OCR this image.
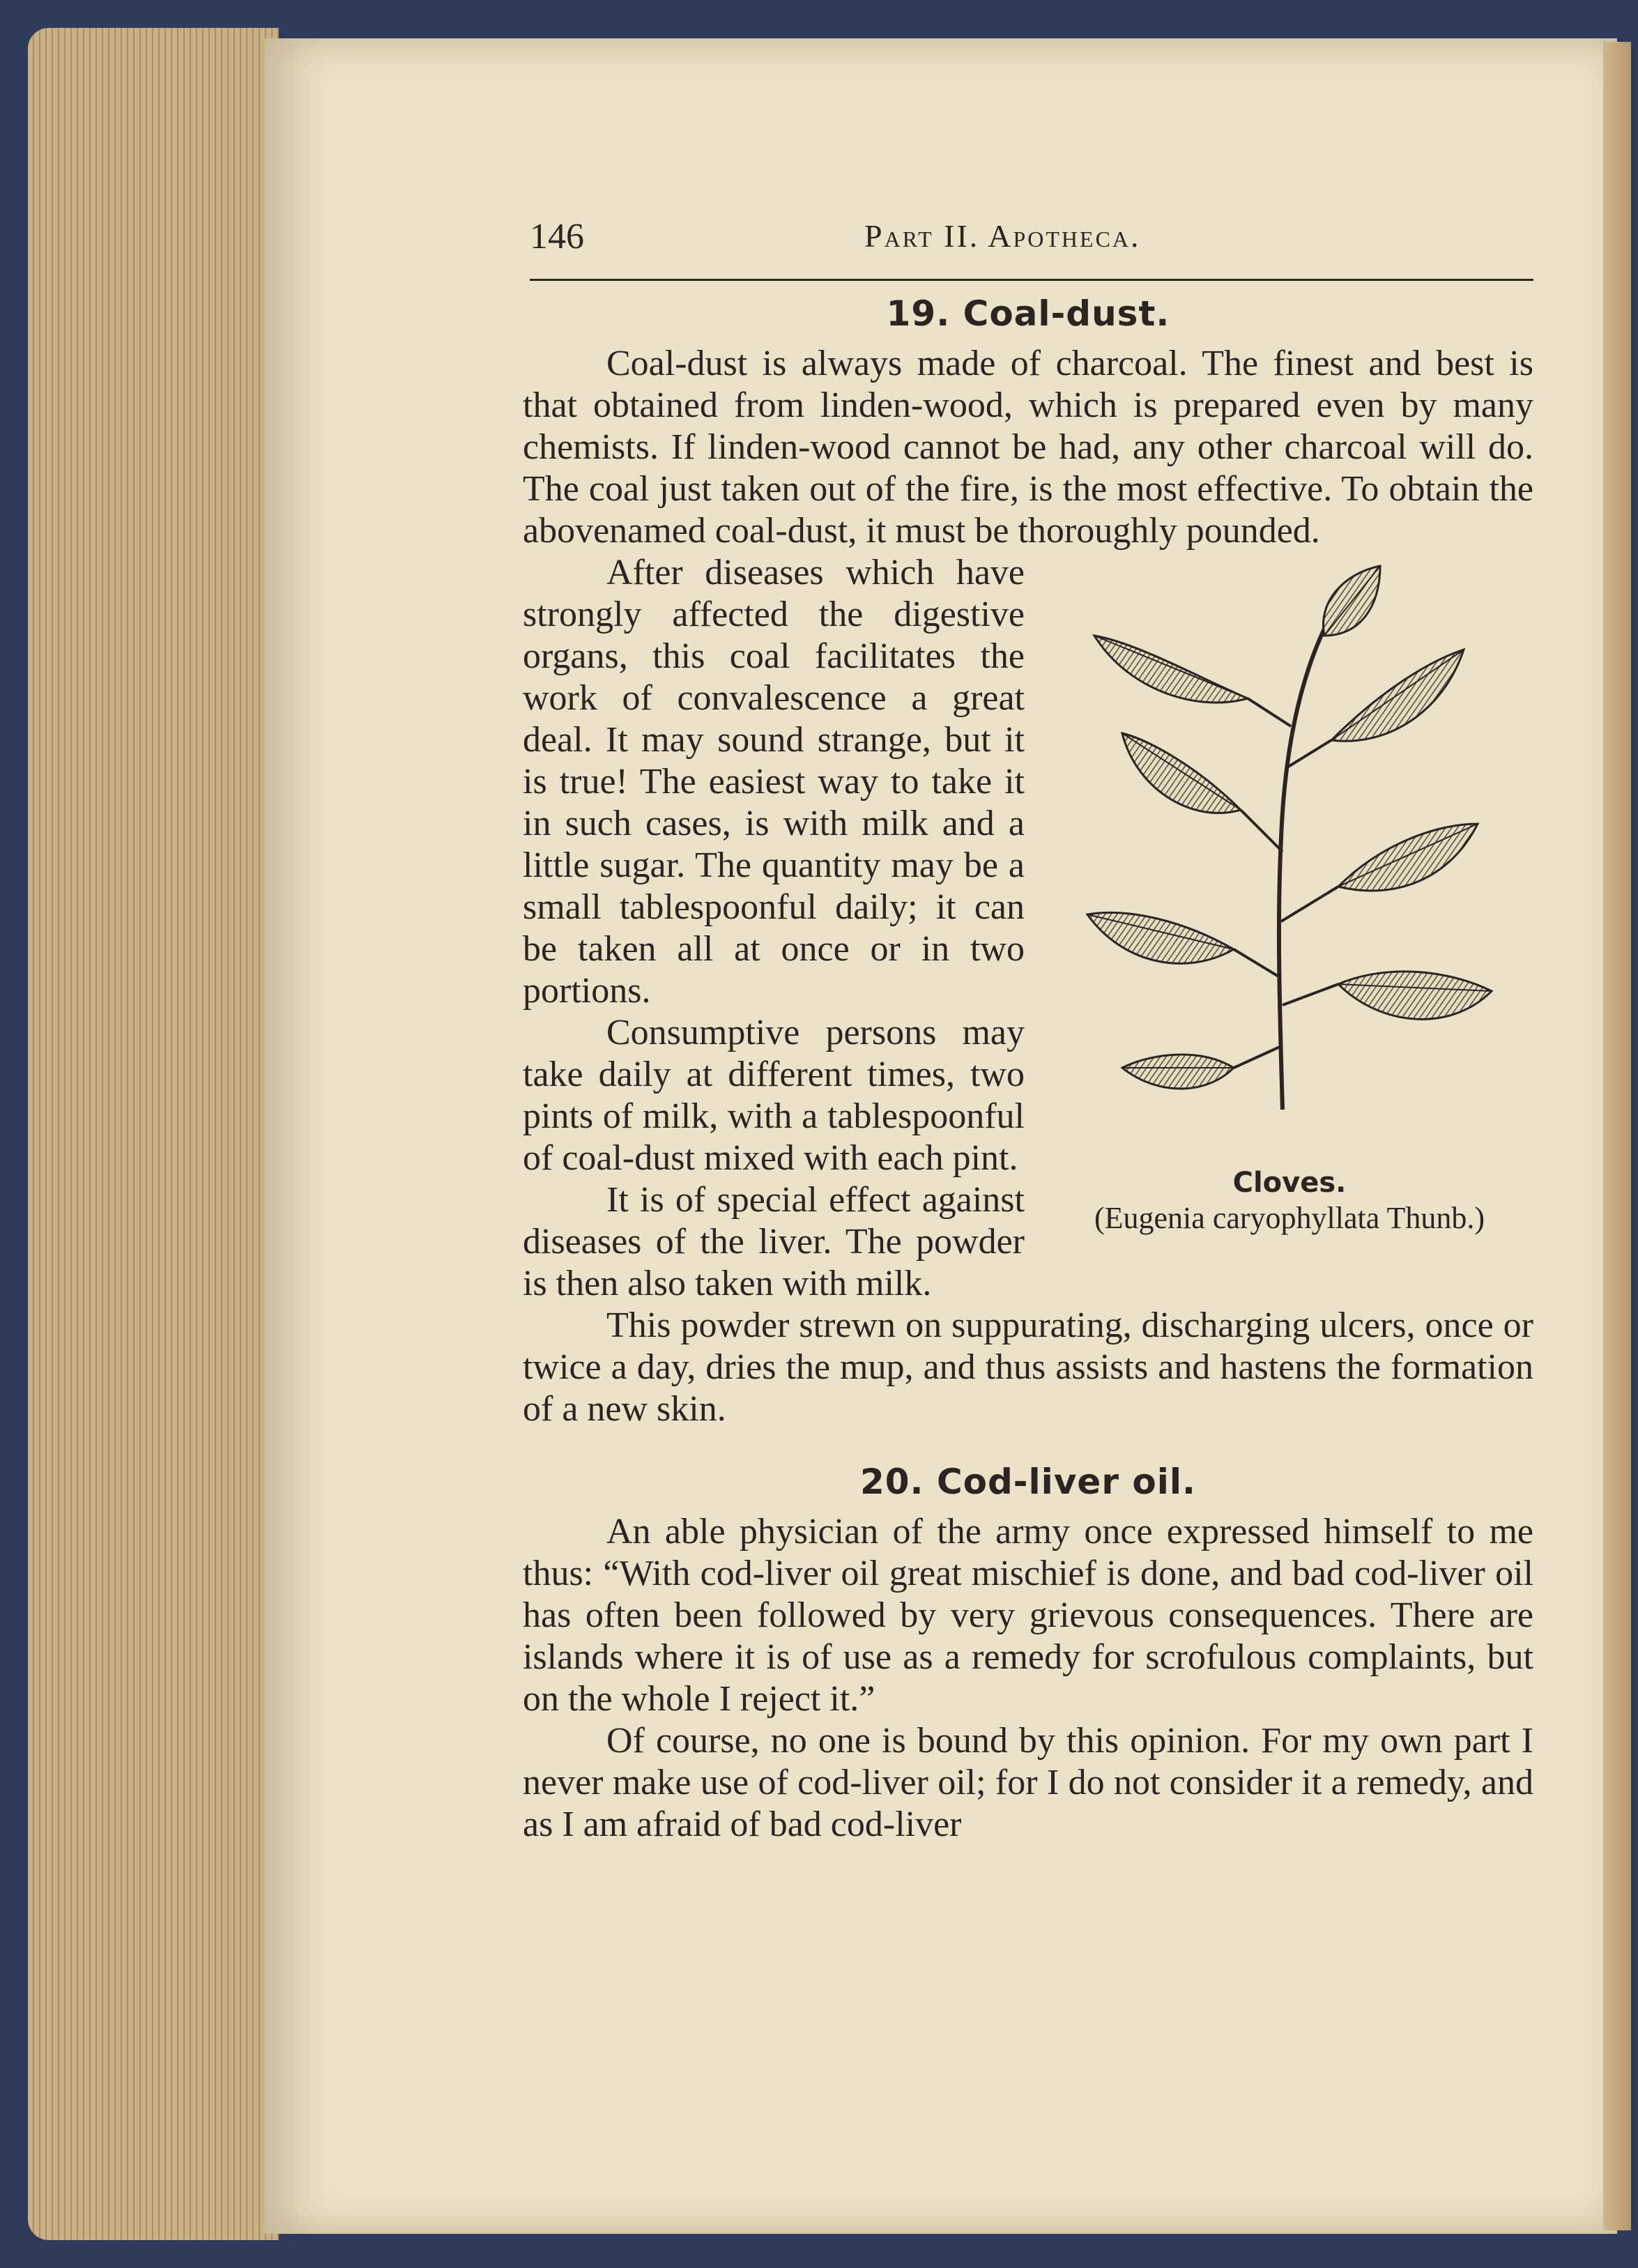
146	Part II. Apotheca.
19. Coal-dust.

Coal-dust is always made of charcoal. The finest and best is that obtained from linden-wood, which is prepared even by many chemists. If linden-wood cannot be had, any other charcoal will do. The coal just taken out of the fire, is the most effective. To obtain the abovenamed coal-dust, it must be thoroughly pounded.

Cloves.
(Eugenia caryophyllata Thunb.)

After diseases which have strongly affected the digestive organs, this coal facilitates the work of convalescence a great deal. It may sound strange, but it is true! The easiest way to take it in such cases, is with milk and a little sugar. The quantity may be a small tablespoonful daily; it can be taken all at once or in two portions.

Consumptive persons may take daily at different times, two pints of milk, with a tablespoonful of coal-dust mixed with each pint.

It is of special effect against diseases of the liver. The powder is then also taken with milk.

This powder strewn on suppurating, discharging ulcers, once or twice a day, dries the mup, and thus assists and hastens the formation of a new skin.

20. Cod-liver oil.

An able physician of the army once expressed himself to me thus: “With cod-liver oil great mischief is done, and bad cod-liver oil has often been followed by very grievous consequences. There are islands where it is of use as a remedy for scrofulous complaints, but on the whole I reject it.”

Of course, no one is bound by this opinion. For my own part I never make use of cod-liver oil; for I do not consider it a remedy, and as I am afraid of bad cod-liver
